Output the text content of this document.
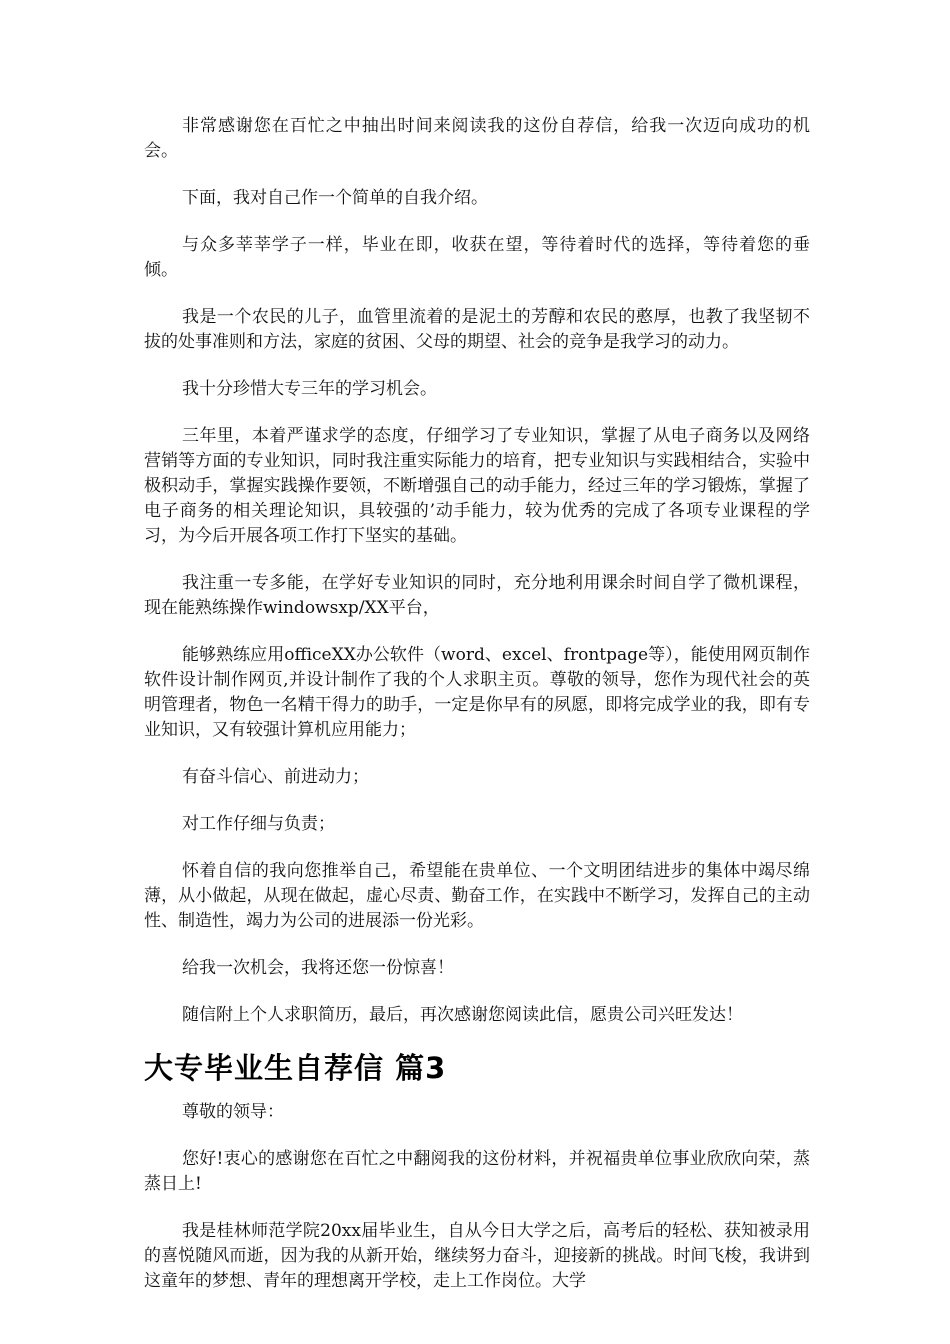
非常感谢您在百忙之中抽出时间来阅读我的这份自荐信，给我一次迈向成功的机会。

下面，我对自己作一个简单的自我介绍。

与众多莘莘学子一样，毕业在即，收获在望，等待着时代的选择，等待着您的垂倾。

我是一个农民的儿子，血管里流着的是泥土的芳醇和农民的憨厚，也教了我坚韧不拔的处事准则和方法，家庭的贫困、父母的期望、社会的竞争是我学习的动力。

我十分珍惜大专三年的学习机会。

三年里，本着严谨求学的态度，仔细学习了专业知识，掌握了从电子商务以及网络营销等方面的专业知识，同时我注重实际能力的培育，把专业知识与实践相结合，实验中极积动手，掌握实践操作要领，不断增强自己的动手能力，经过三年的学习锻炼，掌握了电子商务的相关理论知识，具较强的’动手能力，较为优秀的完成了各项专业课程的学习，为今后开展各项工作打下坚实的基础。

我注重一专多能，在学好专业知识的同时，充分地利用课余时间自学了微机课程，现在能熟练操作windowsxp/XX平台，

能够熟练应用officeXX办公软件（word、excel、frontpage等），能使用网页制作软件设计制作网页,并设计制作了我的个人求职主页。尊敬的领导，您作为现代社会的英明管理者，物色一名精干得力的助手，一定是你早有的夙愿，即将完成学业的我，即有专业知识，又有较强计算机应用能力；

有奋斗信心、前进动力；

对工作仔细与负责；

怀着自信的我向您推举自己，希望能在贵单位、一个文明团结进步的集体中竭尽绵薄，从小做起，从现在做起，虚心尽责、勤奋工作，在实践中不断学习，发挥自己的主动性、制造性，竭力为公司的进展添一份光彩。

给我一次机会，我将还您一份惊喜！

随信附上个人求职简历，最后，再次感谢您阅读此信，愿贵公司兴旺发达！

大专毕业生自荐信 篇3

尊敬的领导：

您好!衷心的感谢您在百忙之中翻阅我的这份材料，并祝福贵单位事业欣欣向荣，蒸蒸日上!

我是桂林师范学院20xx届毕业生，自从今日大学之后，高考后的轻松、获知被录用的喜悦随风而逝，因为我的从新开始，继续努力奋斗，迎接新的挑战。时间飞梭，我讲到这童年的梦想、青年的理想离开学校，走上工作岗位。大学
